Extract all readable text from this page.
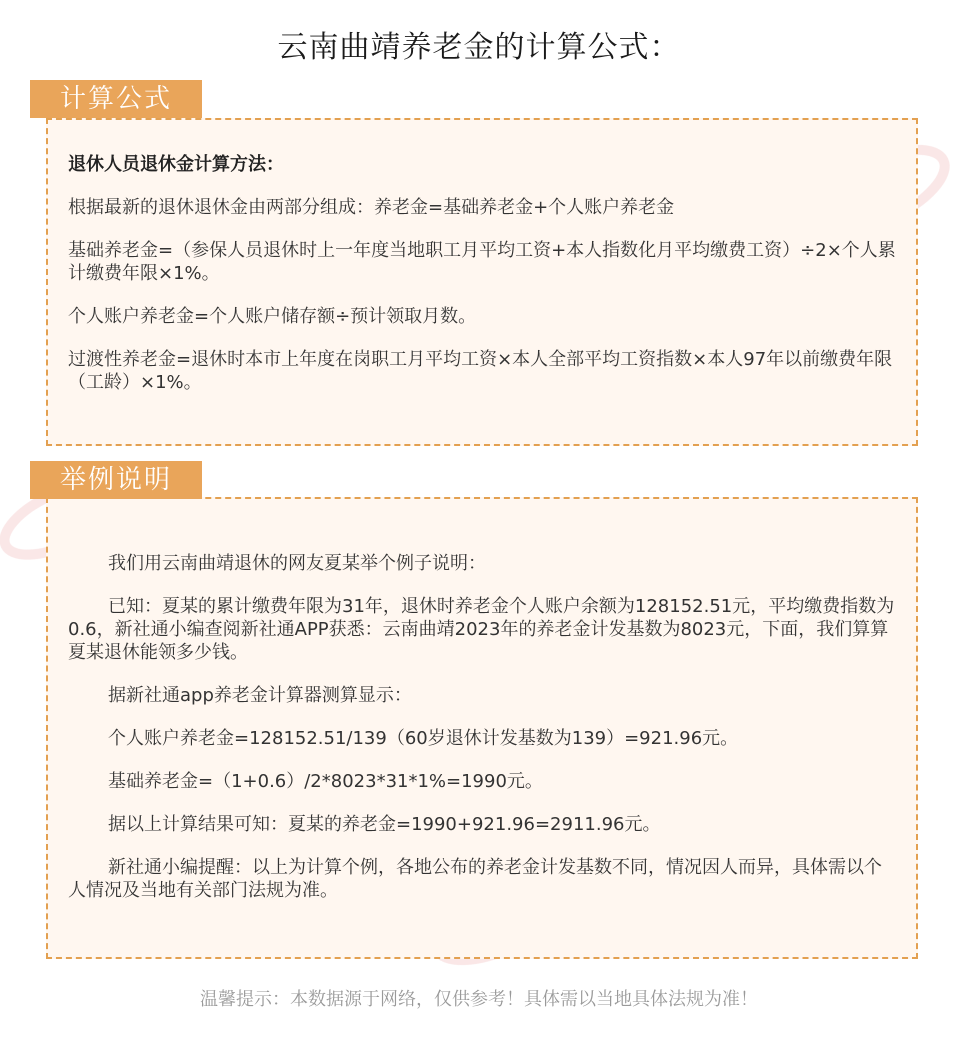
云南曲靖养老金的计算公式：

退休人员退休金计算方法：

根据最新的退休退休金由两部分组成：养老金=基础养老金+个人账户养老金

基础养老金=（参保人员退休时上一年度当地职工月平均工资+本人指数化月平均缴费工资）÷2×个人累计缴费年限×1%。

个人账户养老金=个人账户储存额÷预计领取月数。

过渡性养老金=退休时本市上年度在岗职工月平均工资×本人全部平均工资指数×本人97年以前缴费年限（工龄）×1%。

计算公式

我们用云南曲靖退休的网友夏某举个例子说明：

已知：夏某的累计缴费年限为31年，退休时养老金个人账户余额为128152.51元，平均缴费指数为0.6，新社通小编查阅新社通APP获悉：云南曲靖2023年的养老金计发基数为8023元，下面，我们算算夏某退休能领多少钱。

据新社通app养老金计算器测算显示：

个人账户养老金=128152.51/139（60岁退休计发基数为139）=921.96元。

基础养老金=（1+0.6）/2*8023*31*1%=1990元。

据以上计算结果可知：夏某的养老金=1990+921.96=2911.96元。

新社通小编提醒：以上为计算个例，各地公布的养老金计发基数不同，情况因人而异，具体需以个人情况及当地有关部门法规为准。

举例说明
温馨提示：本数据源于网络，仅供参考！具体需以当地具体法规为准！
